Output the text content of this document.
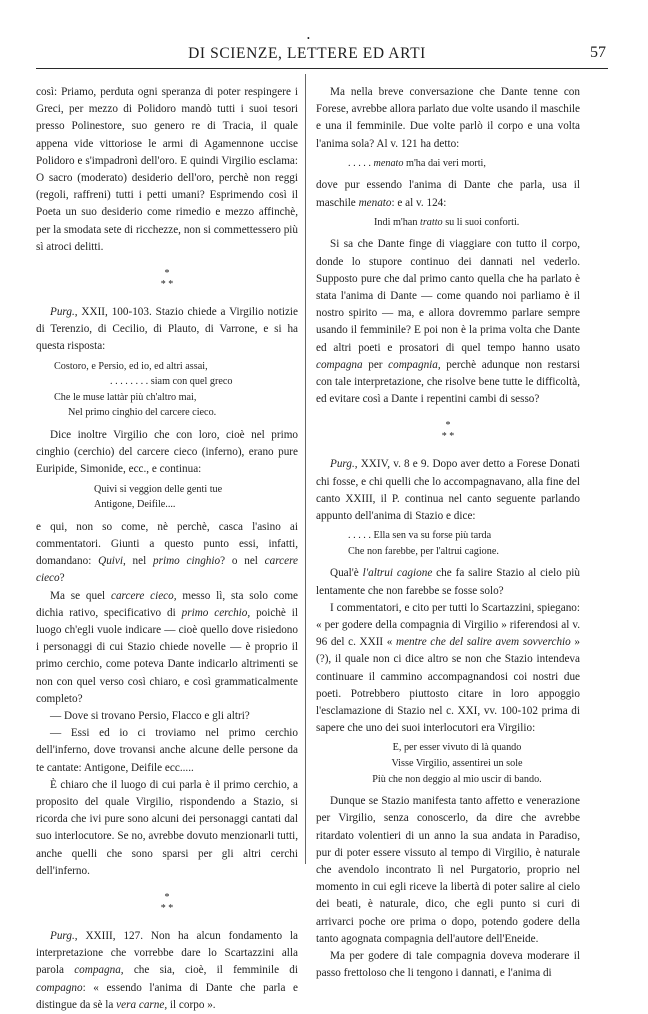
•
DI SCIENZE, LETTERE ED ARTI	57

così: Priamo, perduta ogni speranza di poter respingere i Greci, per mezzo di Polidoro mandò tutti i suoi tesori presso Polinestore, suo genero re di Tracia, il quale appena vide vittoriose le armi di Agamennone uccise Polidoro e s'impadronì dell'oro. E quindi Virgilio esclama: O sacro (moderato) desiderio dell'oro, perchè non reggi (regoli, raffreni) tutti i petti umani? Esprimendo così il Poeta un suo desiderio come rimedio e mezzo affinchè, per la smodata sete di ricchezze, non si commettessero più sì atroci delitti.

*
* *

Purg., XXII, 100-103. Stazio chiede a Virgilio notizie di Terenzio, di Cecilio, di Plauto, di Varrone, e si ha questa risposta:

Costoro, e Persio, ed io, ed altri assai,
. . . . . . . . siam con quel greco
Che le muse lattàr più ch'altro mai,
Nel primo cinghio del carcere cieco.

Dice inoltre Virgilio che con loro, cioè nel primo cinghio (cerchio) del carcere cieco (inferno), erano pure Euripide, Simonide, ecc., e continua:

Quivi si veggion delle genti tue
Antigone, Deifile....

e qui, non so come, nè perchè, casca l'asino ai commentatori. Giunti a questo punto essi, infatti, domandano: Quivi, nel primo cinghio? o nel carcere cieco?

Ma se quel carcere cieco, messo lì, sta solo come dichia rativo, specificativo di primo cerchio, poichè il luogo ch'egli vuole indicare — cioè quello dove risiedono i personaggi di cui Stazio chiede novelle — è proprio il primo cerchio, come poteva Dante indicarlo altrimenti se non con quel verso così chiaro, e così grammaticalmente completo?

— Dove si trovano Persio, Flacco e gli altri?

— Essi ed io ci troviamo nel primo cerchio dell'inferno, dove trovansi anche alcune delle persone da te cantate: Antigone, Deifile ecc.....

È chiaro che il luogo di cui parla è il primo cerchio, a proposito del quale Virgilio, rispondendo a Stazio, si ricorda che ivi pure sono alcuni dei personaggi cantati dal suo interlocutore. Se no, avrebbe dovuto menzionarli tutti, anche quelli che sono sparsi per gli altri cerchi dell'inferno.

*
* *

Purg., XXIII, 127. Non ha alcun fondamento la interpretazione che vorrebbe dare lo Scartazzini alla parola compagna, che sia, cioè, il femminile di compagno: « essendo l'anima di Dante che parla e distingue da sè la vera carne, il corpo ».

Ma nella breve conversazione che Dante tenne con Forese, avrebbe allora parlato due volte usando il maschile e una il femminile. Due volte parlò il corpo e una volta l'anima sola? Al v. 121 ha detto:

. . . . . menato m'ha dai veri morti,

dove pur essendo l'anima di Dante che parla, usa il maschile menato: e al v. 124:

Indi m'han tratto su li suoi conforti.

Si sa che Dante finge di viaggiare con tutto il corpo, donde lo stupore continuo dei dannati nel vederlo. Supposto pure che dal primo canto quella che ha parlato è stata l'anima di Dante — come quando noi parliamo è il nostro spirito — ma, e allora dovremmo parlare sempre usando il femminile? E poi non è la prima volta che Dante ed altri poeti e prosatori di quel tempo hanno usato compagna per compagnia, perchè adunque non restarsi con tale interpretazione, che risolve bene tutte le difficoltà, ed evitare così a Dante i repentini cambi di sesso?

*
* *

Purg., XXIV, v. 8 e 9. Dopo aver detto a Forese Donati chi fosse, e chi quelli che lo accompagnavano, alla fine del canto XXIII, il P. continua nel canto seguente parlando appunto dell'anima di Stazio e dice:

. . . . . Ella sen va su forse più tarda
Che non farebbe, per l'altrui cagione.

Qual'è l'altrui cagione che fa salire Stazio al cielo più lentamente che non farebbe se fosse solo?

I commentatori, e cito per tutti lo Scartazzini, spiegano: « per godere della compagnia di Virgilio » riferendosi al v. 96 del c. XXII « mentre che del salire avem sovverchio » (?), il quale non ci dice altro se non che Stazio intendeva continuare il cammino accompagnandosi coi nostri due poeti. Potrebbero piuttosto citare in loro appoggio l'esclamazione di Stazio nel c. XXI, vv. 100-102 prima di sapere che uno dei suoi interlocutori era Virgilio:

E, per esser vivuto di là quando
Visse Virgilio, assentirei un sole
Più che non deggio al mio uscir di bando.

Dunque se Stazio manifesta tanto affetto e venerazione per Virgilio, senza conoscerlo, da dire che avrebbe ritardato volentieri di un anno la sua andata in Paradiso, pur di poter essere vissuto al tempo di Virgilio, è naturale che avendolo incontrato lì nel Purgatorio, proprio nel momento in cui egli riceve la libertà di poter salire al cielo dei beati, è naturale, dico, che egli punto si curi di arrivarci poche ore prima o dopo, potendo godere della tanto agognata compagnia dell'autore dell'Eneide.

Ma per godere di tale compagnia doveva moderare il passo frettoloso che li tengono i dannati, e l'anima di
